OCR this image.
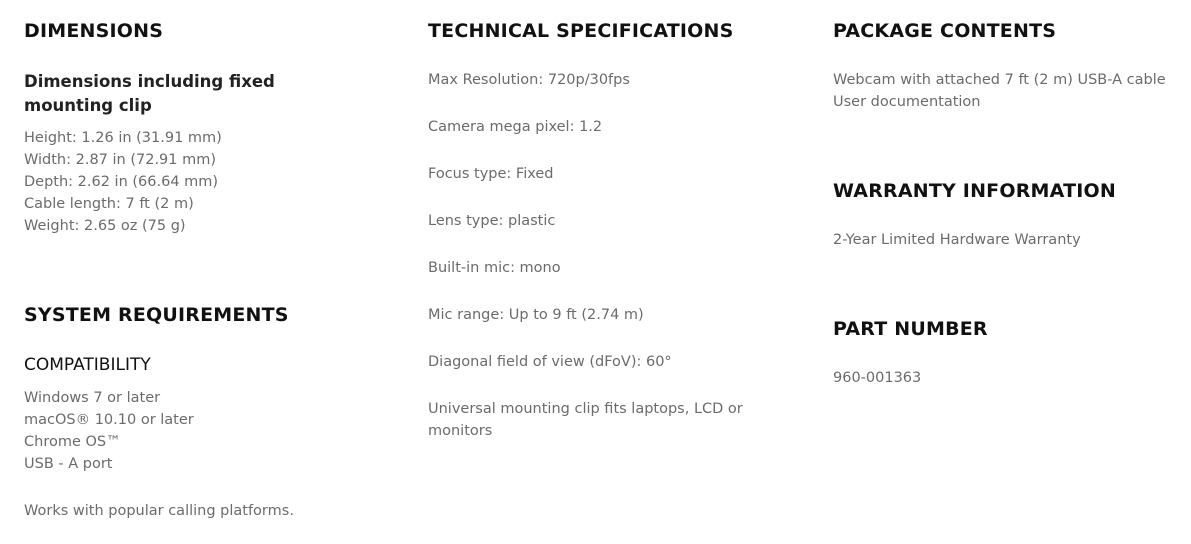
DIMENSIONS
Dimensions including fixed mounting clip
Height: 1.26 in (31.91 mm)
Width: 2.87 in (72.91 mm)
Depth: 2.62 in (66.64 mm)
Cable length: 7 ft (2 m)
Weight: 2.65 oz (75 g)
SYSTEM REQUIREMENTS
COMPATIBILITY
Windows 7 or later
macOS® 10.10 or later
Chrome OS™
USB - A port

Works with popular calling platforms.

TECHNICAL SPECIFICATIONS

Max Resolution: 720p/30fps

Camera mega pixel: 1.2

Focus type: Fixed

Lens type: plastic

Built-in mic: mono

Mic range: Up to 9 ft (2.74 m)

Diagonal field of view (dFoV): 60°

Universal mounting clip fits laptops, LCD or monitors

PACKAGE CONTENTS
Webcam with attached 7 ft (2 m) USB-A cable
User documentation
WARRANTY INFORMATION

2-Year Limited Hardware Warranty

PART NUMBER

960-001363
